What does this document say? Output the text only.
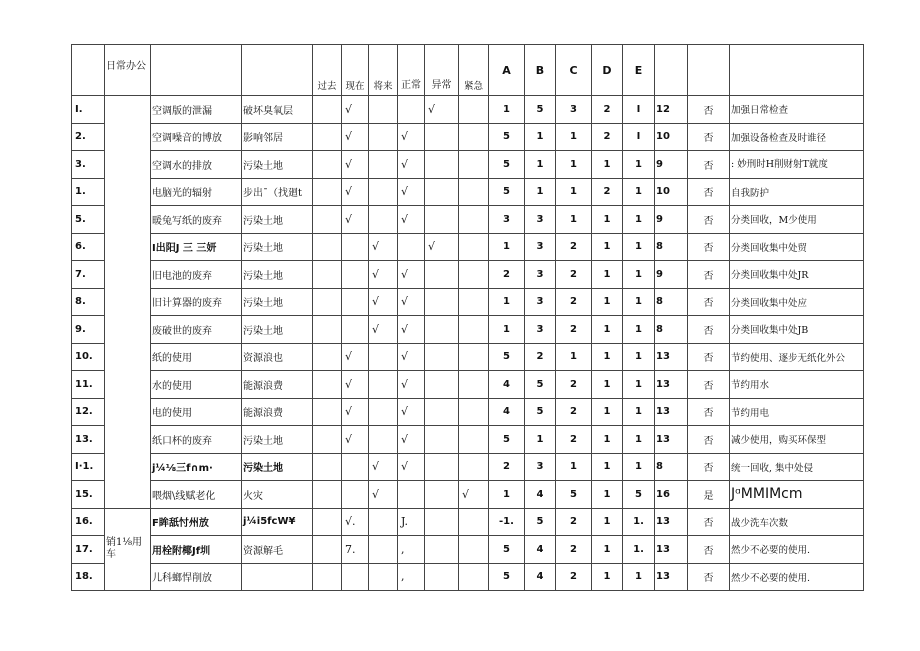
	日常办公			过去	现在	将来	正常	异常	紧急	A	B	C	D	E			
I.		空调版的泄漏	破坏臭氧层		√			√		1	5	3	2	I	12	否	加强日常检查
2.		空调噪音的博放	影响邻居		√		√			5	1	1	2	I	10	否	加强设备检查及时谁径
3.		空调水的排放	污染土地		√		√			5	1	1	1	1	9	否	: 妙刑时H削财射T就度
1.		电脑光的辐射	步出ˉ（找廻t		√		√			5	1	1	2	1	10	否	自我防护
5.		暖兔写纸的废弃	污染土地		√		√			3	3	1	1	1	9	否	分类回收，M少使用
6.		I出阳J 三 三妍	污染土地			√		√		1	3	2	1	1	8	否	分类回收集中处贸
7.		旧电池的废弃	污染土地			√	√			2	3	2	1	1	9	否	分类回收集中处JR
8.		旧计算器的废弃	污染土地			√	√			1	3	2	1	1	8	否	分类回收集中处应
9.		废破世的废弃	污染土地			√	√			1	3	2	1	1	8	否	分类回收集中处JB
10.		纸的使用	资源浪也		√		√			5	2	1	1	1	13	否	节约使用、逐步无纸化外公
11.		水的使用	能源浪费		√		√			4	5	2	1	1	13	否	节约用水
12.		电的使用	能源浪费		√		√			4	5	2	1	1	13	否	节约用电
13.		纸口杯的废弃	污染土地		√		√			5	1	2	1	1	13	否	减少使用，购买环保型
I·1.		j¼⅛三f∩m·	污染土地			√	√			2	3	1	1	1	8	否	统一回收, 集中处侵
15.		喂烟\线赋老化	火灾			√			√	1	4	5	1	5	16	是	JᵅMMIMcm
16.	销1⅛用车	F眸舐忖州放	j¼i5fcW¥		√.		J.			-1.	5	2	1	1.	13	否	战少洗车次数
17.		用栓附椰Jf圳	资源解毛		7.		,			5	4	2	1	1.	13	否	然少不必要的使用.
18.		儿科螂悍削放					,			5	4	2	1	1	13	否	然少不必要的使用.
